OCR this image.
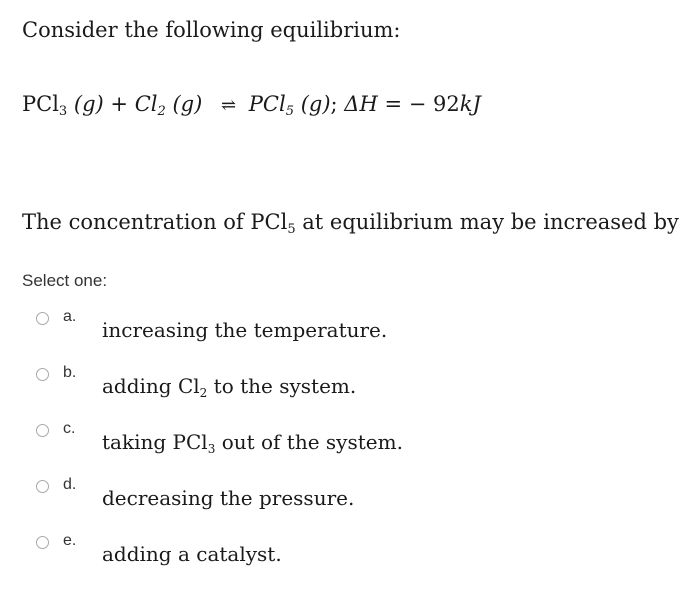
Consider the following equilibrium:
PCl$_3$ $(g) + Cl_2$ (g) ⇌ PCl$_5$ (g); ΔH = − 92kJ
The concentration of PCl$_5$ at equilibrium may be increased by
Select one:
a.
increasing the temperature.
b.
adding $Cl_2$ to the system.
c.
taking PCl$_3$ out of the system.
d.
decreasing the pressure.
e.
adding a catalyst.
